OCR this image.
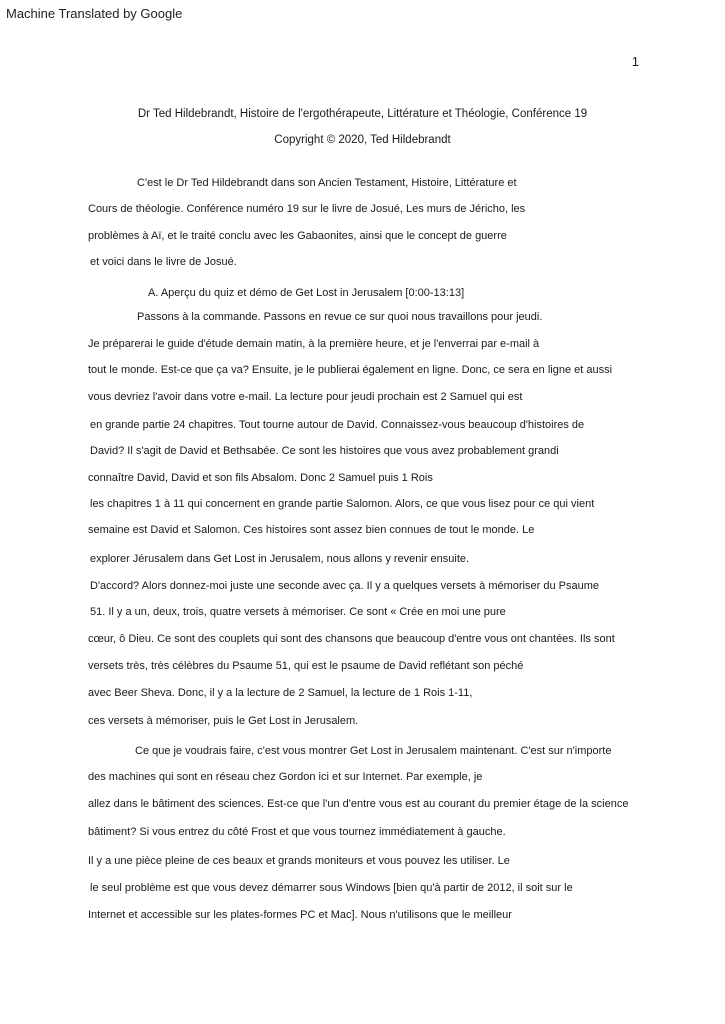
Machine Translated by Google
1
Dr Ted Hildebrandt, Histoire de l'ergothérapeute, Littérature et Théologie, Conférence 19
Copyright © 2020, Ted Hildebrandt
C'est le Dr Ted Hildebrandt dans son Ancien Testament, Histoire, Littérature et
Cours de théologie. Conférence numéro 19 sur le livre de Josué, Les murs de Jéricho, les
problèmes à Aï, et le traité conclu avec les Gabaonites, ainsi que le concept de guerre
et voici dans le livre de Josué.
A. Aperçu du quiz et démo de Get Lost in Jerusalem [0:00-13:13]
Passons à la commande. Passons en revue ce sur quoi nous travaillons pour jeudi.
Je préparerai le guide d'étude demain matin, à la première heure, et je l'enverrai par e-mail à
tout le monde. Est-ce que ça va? Ensuite, je le publierai également en ligne. Donc, ce sera en ligne et aussi
vous devriez l'avoir dans votre e-mail. La lecture pour jeudi prochain est 2 Samuel qui est
en grande partie 24 chapitres. Tout tourne autour de David. Connaissez-vous beaucoup d'histoires de
David? Il s'agit de David et Bethsabée. Ce sont les histoires que vous avez probablement grandi
connaître David, David et son fils Absalom. Donc 2 Samuel puis 1 Rois
les chapitres 1 à 11 qui concernent en grande partie Salomon. Alors, ce que vous lisez pour ce qui vient
semaine est David et Salomon. Ces histoires sont assez bien connues de tout le monde. Le
explorer Jérusalem dans Get Lost in Jerusalem, nous allons y revenir ensuite.
D'accord? Alors donnez-moi juste une seconde avec ça. Il y a quelques versets à mémoriser du Psaume
51. Il y a un, deux, trois, quatre versets à mémoriser. Ce sont « Crée en moi une pure
cœur, ô Dieu. Ce sont des couplets qui sont des chansons que beaucoup d'entre vous ont chantées. Ils sont
versets très, très célèbres du Psaume 51, qui est le psaume de David reflétant son péché
avec Beer Sheva. Donc, il y a la lecture de 2 Samuel, la lecture de 1 Rois 1-11,
ces versets à mémoriser, puis le Get Lost in Jerusalem.
Ce que je voudrais faire, c'est vous montrer Get Lost in Jerusalem maintenant. C'est sur n'importe
des machines qui sont en réseau chez Gordon ici et sur Internet. Par exemple, je
allez dans le bâtiment des sciences. Est-ce que l'un d'entre vous est au courant du premier étage de la science
bâtiment? Si vous entrez du côté Frost et que vous tournez immédiatement à gauche.
Il y a une pièce pleine de ces beaux et grands moniteurs et vous pouvez les utiliser. Le
le seul problème est que vous devez démarrer sous Windows [bien qu'à partir de 2012, il soit sur le
Internet et accessible sur les plates-formes PC et Mac]. Nous n'utilisons que le meilleur
